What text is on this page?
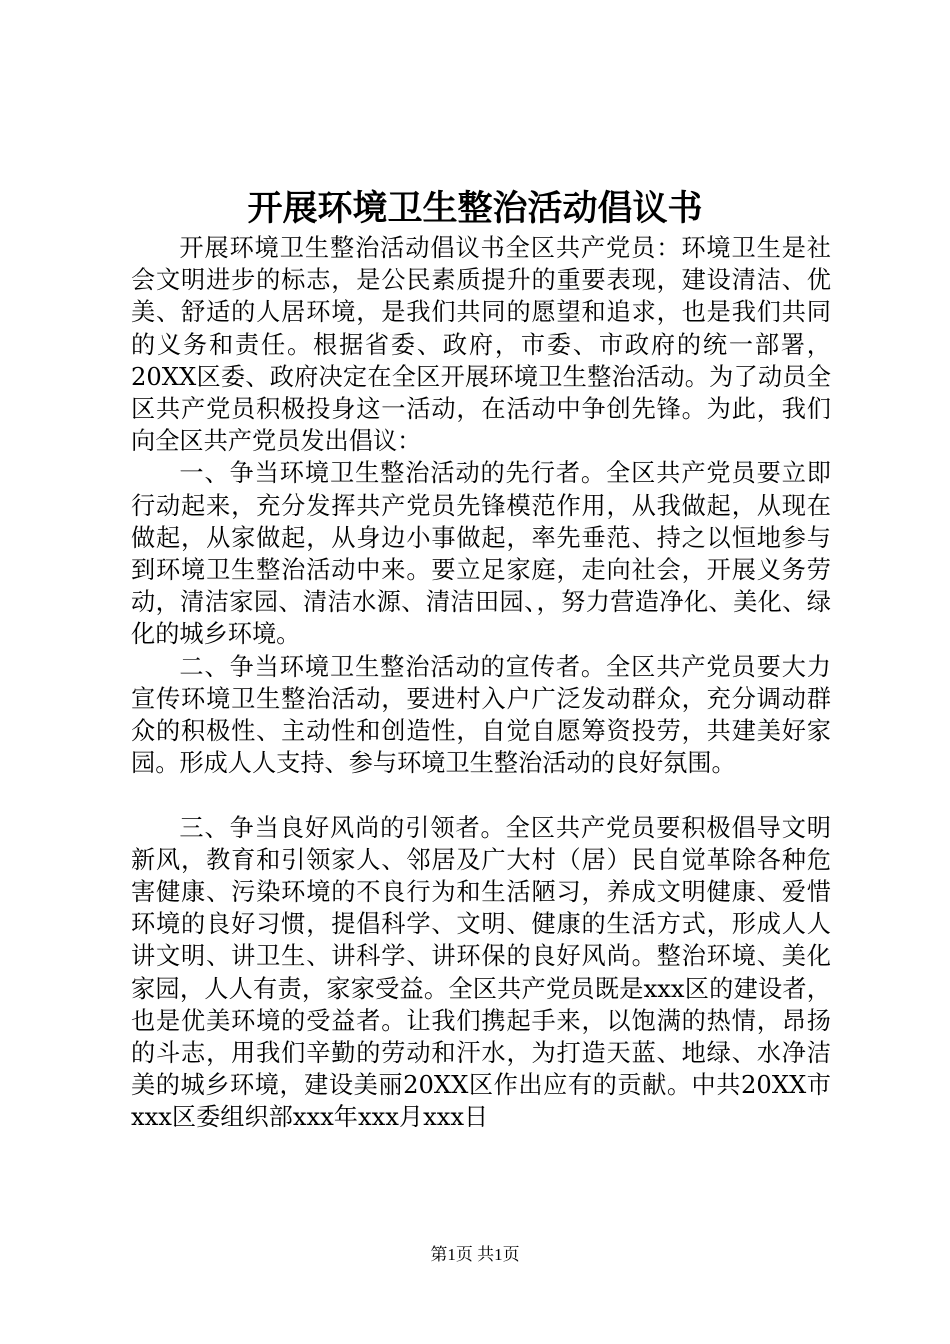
开展环境卫生整治活动倡议书

开展环境卫生整治活动倡议书全区共产党员：环境卫生是社会文明进步的标志，是公民素质提升的重要表现，建设清洁、优美、舒适的人居环境，是我们共同的愿望和追求，也是我们共同的义务和责任。根据省委、政府，市委、市政府的统一部署，20XX区委、政府决定在全区开展环境卫生整治活动。为了动员全区共产党员积极投身这一活动，在活动中争创先锋。为此，我们向全区共产党员发出倡议：

一、争当环境卫生整治活动的先行者。全区共产党员要立即行动起来，充分发挥共产党员先锋模范作用，从我做起，从现在做起，从家做起，从身边小事做起，率先垂范、持之以恒地参与到环境卫生整治活动中来。要立足家庭，走向社会，开展义务劳动，清洁家园、清洁水源、清洁田园、，努力营造净化、美化、绿化的城乡环境。

二、争当环境卫生整治活动的宣传者。全区共产党员要大力宣传环境卫生整治活动，要进村入户广泛发动群众，充分调动群众的积极性、主动性和创造性，自觉自愿筹资投劳，共建美好家园。形成人人支持、参与环境卫生整治活动的良好氛围。

三、争当良好风尚的引领者。全区共产党员要积极倡导文明新风，教育和引领家人、邻居及广大村（居）民自觉革除各种危害健康、污染环境的不良行为和生活陋习，养成文明健康、爱惜环境的良好习惯，提倡科学、文明、健康的生活方式，形成人人讲文明、讲卫生、讲科学、讲环保的良好风尚。整治环境、美化家园，人人有责，家家受益。全区共产党员既是xxx区的建设者，也是优美环境的受益者。让我们携起手来，以饱满的热情，昂扬的斗志，用我们辛勤的劳动和汗水，为打造天蓝、地绿、水净洁美的城乡环境，建设美丽20XX区作出应有的贡献。中共20XX市xxx区委组织部xxx年xxx月xxx日

第1页 共1页
